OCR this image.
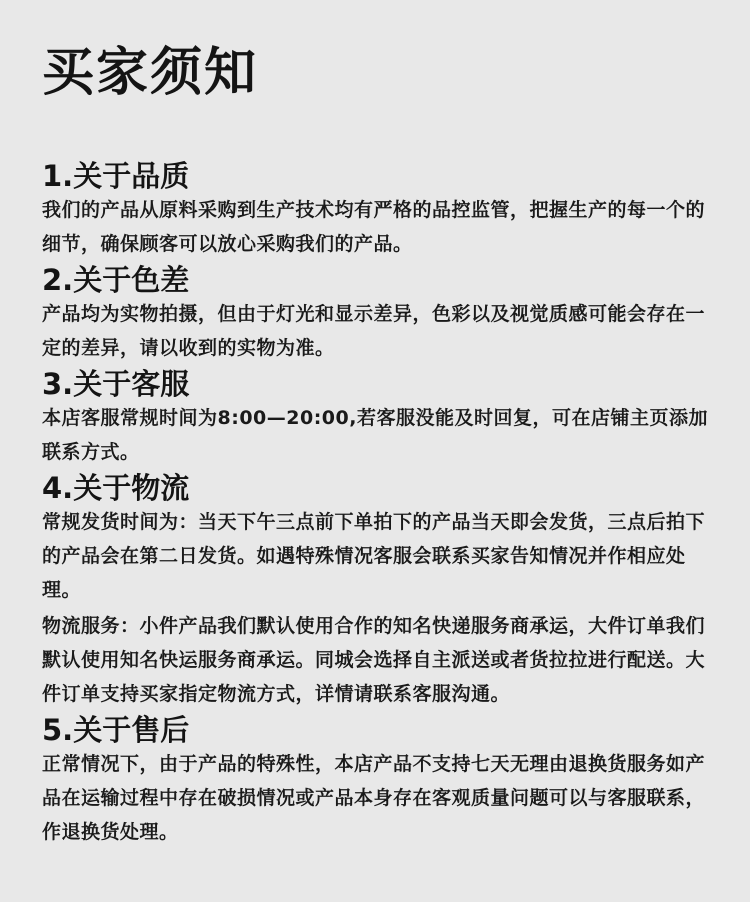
买家须知
1.关于品质

我们的产品从原料采购到生产技术均有严格的品控监管，把握生产的每一个的细节，确保顾客可以放心采购我们的产品。

2.关于色差

产品均为实物拍摄，但由于灯光和显示差异，色彩以及视觉质感可能会存在一定的差异，请以收到的实物为准。

3.关于客服

本店客服常规时间为8:00—20:00,若客服没能及时回复，可在店铺主页添加联系方式。

4.关于物流

常规发货时间为：当天下午三点前下单拍下的产品当天即会发货，三点后拍下的产品会在第二日发货。如遇特殊情况客服会联系买家告知情况并作相应处理。

物流服务：小件产品我们默认使用合作的知名快递服务商承运，大件订单我们默认使用知名快运服务商承运。同城会选择自主派送或者货拉拉进行配送。大件订单支持买家指定物流方式，详情请联系客服沟通。

5.关于售后

正常情况下，由于产品的特殊性，本店产品不支持七天无理由退换货服务如产品在运输过程中存在破损情况或产品本身存在客观质量问题可以与客服联系，作退换货处理。
